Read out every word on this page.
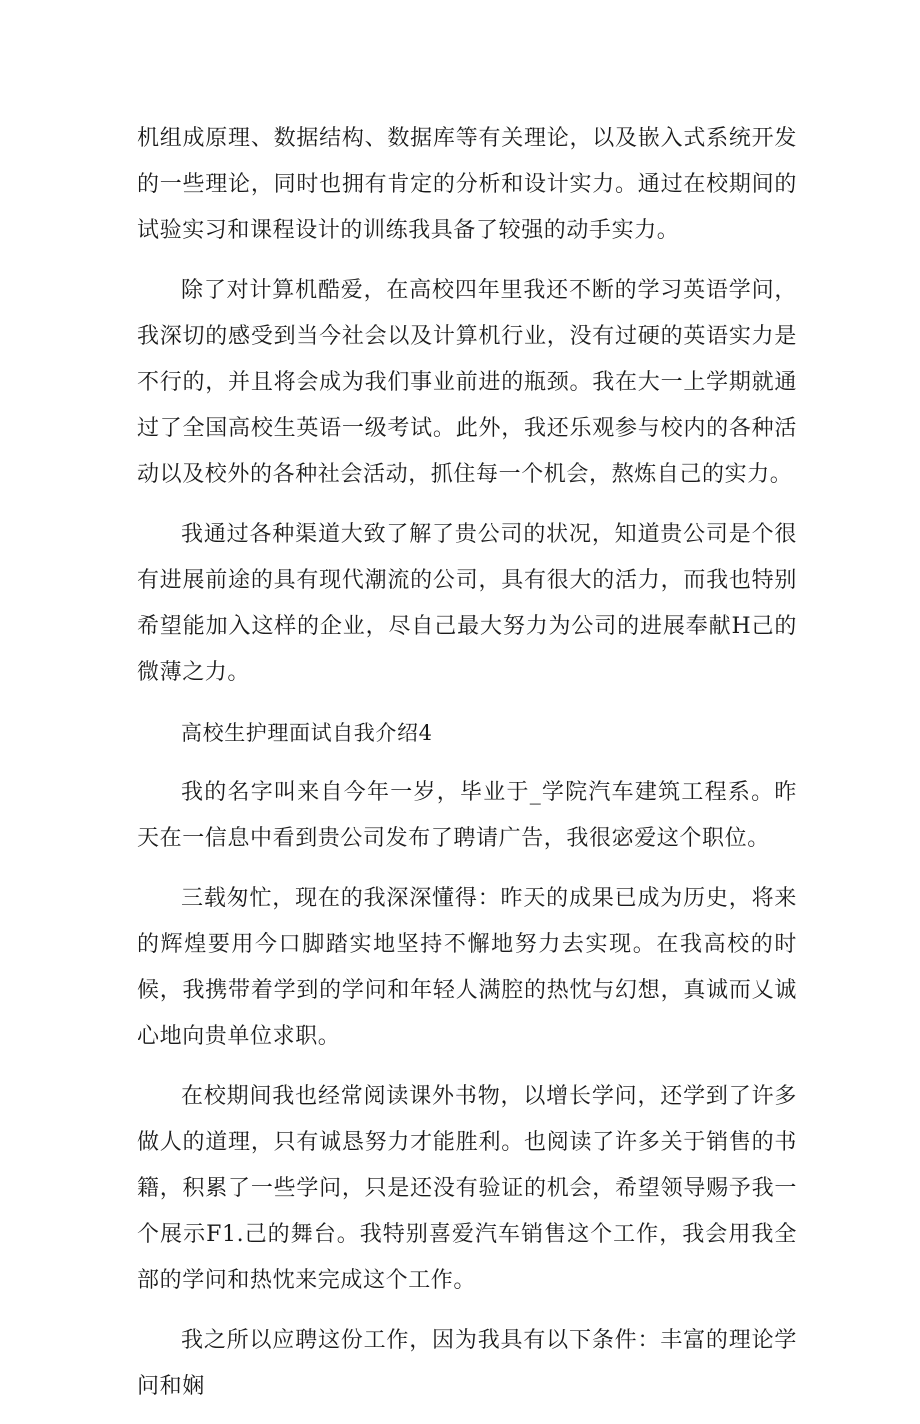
机组成原理、数据结构、数据库等有关理论，以及嵌入式系统开发的一些理论，同时也拥有肯定的分析和设计实力。通过在校期间的试验实习和课程设计的训练我具备了较强的动手实力。

除了对计算机酷爱，在高校四年里我还不断的学习英语学问，我深切的感受到当今社会以及计算机行业，没有过硬的英语实力是不行的，并且将会成为我们事业前进的瓶颈。我在大一上学期就通过了全国高校生英语一级考试。此外，我还乐观参与校内的各种活动以及校外的各种社会活动，抓住每一个机会，熬炼自己的实力。

我通过各种渠道大致了解了贵公司的状况，知道贵公司是个很有进展前途的具有现代潮流的公司，具有很大的活力，而我也特别希望能加入这样的企业，尽自己最大努力为公司的进展奉献H己的微薄之力。

高校生护理面试自我介绍4

我的名字叫来自今年一岁，毕业于_学院汽车建筑工程系。昨天在一信息中看到贵公司发布了聘请广告，我很宓爱这个职位。

三载匆忙，现在的我深深懂得：昨天的成果已成为历史，将来的辉煌要用今口脚踏实地坚持不懈地努力去实现。在我高校的时候，我携带着学到的学问和年轻人满腔的热忱与幻想，真诚而乂诚心地向贵单位求职。

在校期间我也经常阅读课外书物，以增长学问，还学到了许多做人的道理，只有诚恳努力才能胜利。也阅读了许多关于销售的书籍，积累了一些学问，只是还没有验证的机会，希望领导赐予我一个展示F1.己的舞台。我特别喜爱汽车销售这个工作，我会用我全部的学问和热忱来完成这个工作。

我之所以应聘这份工作，因为我具有以下条件：丰富的理论学问和娴
